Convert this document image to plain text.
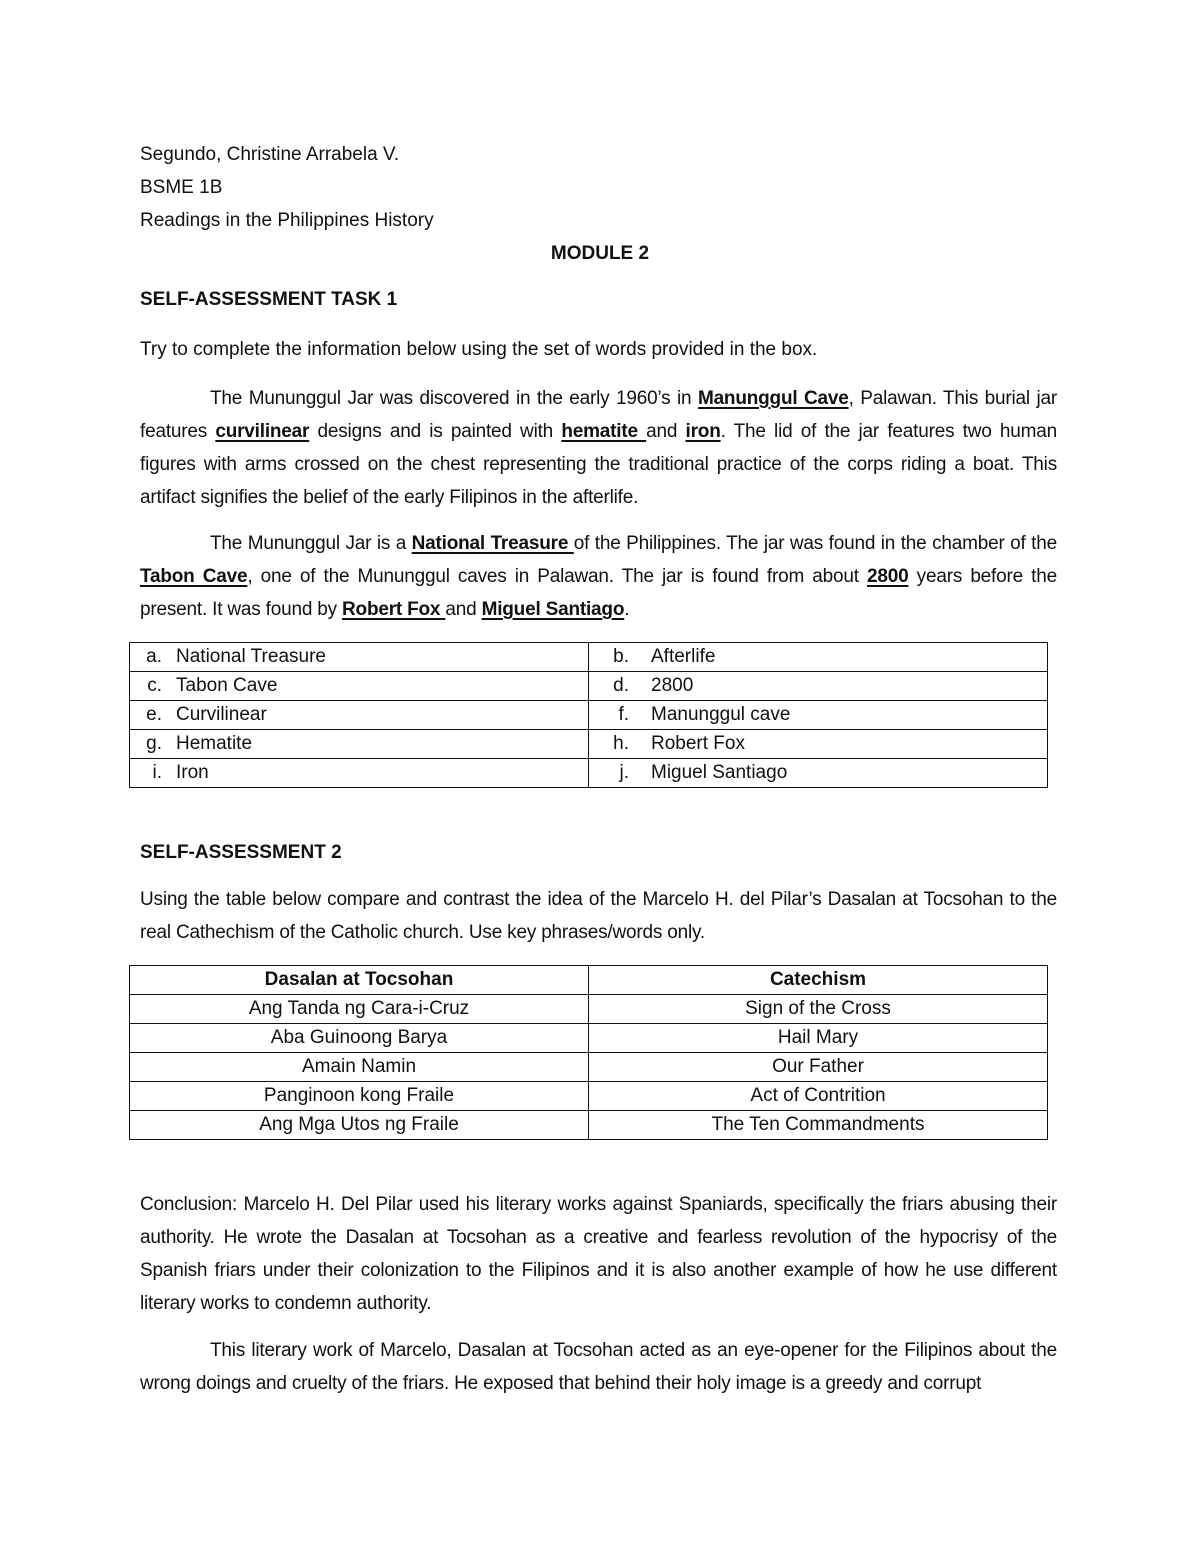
Segundo, Christine Arrabela V.
BSME 1B
Readings in the Philippines History
MODULE 2
SELF-ASSESSMENT TASK 1
Try to complete the information below using the set of words provided in the box.
The Mununggul Jar was discovered in the early 1960’s in Manunggul Cave, Palawan. This burial jar features curvilinear designs and is painted with hematite and iron. The lid of the jar features two human figures with arms crossed on the chest representing the traditional practice of the corps riding a boat. This artifact signifies the belief of the early Filipinos in the afterlife.
The Mununggul Jar is a National Treasure of the Philippines. The jar was found in the chamber of the Tabon Cave, one of the Mununggul caves in Palawan. The jar is found from about 2800 years before the present. It was found by Robert Fox and Miguel Santiago.
a. National Treasure	b. Afterlife
c. Tabon Cave	d. 2800
e. Curvilinear	f. Manunggul cave
g. Hematite	h. Robert Fox
i. Iron	j. Miguel Santiago
SELF-ASSESSMENT 2
Using the table below compare and contrast the idea of the Marcelo H. del Pilar’s Dasalan at Tocsohan to the real Cathechism of the Catholic church. Use key phrases/words only.
Dasalan at Tocsohan	Catechism
Ang Tanda ng Cara-i-Cruz	Sign of the Cross
Aba Guinoong Barya	Hail Mary
Amain Namin	Our Father
Panginoon kong Fraile	Act of Contrition
Ang Mga Utos ng Fraile	The Ten Commandments
Conclusion: Marcelo H. Del Pilar used his literary works against Spaniards, specifically the friars abusing their authority. He wrote the Dasalan at Tocsohan as a creative and fearless revolution of the hypocrisy of the Spanish friars under their colonization to the Filipinos and it is also another example of how he use different literary works to condemn authority.
This literary work of Marcelo, Dasalan at Tocsohan acted as an eye-opener for the Filipinos about the wrong doings and cruelty of the friars. He exposed that behind their holy image is a greedy and corrupt
